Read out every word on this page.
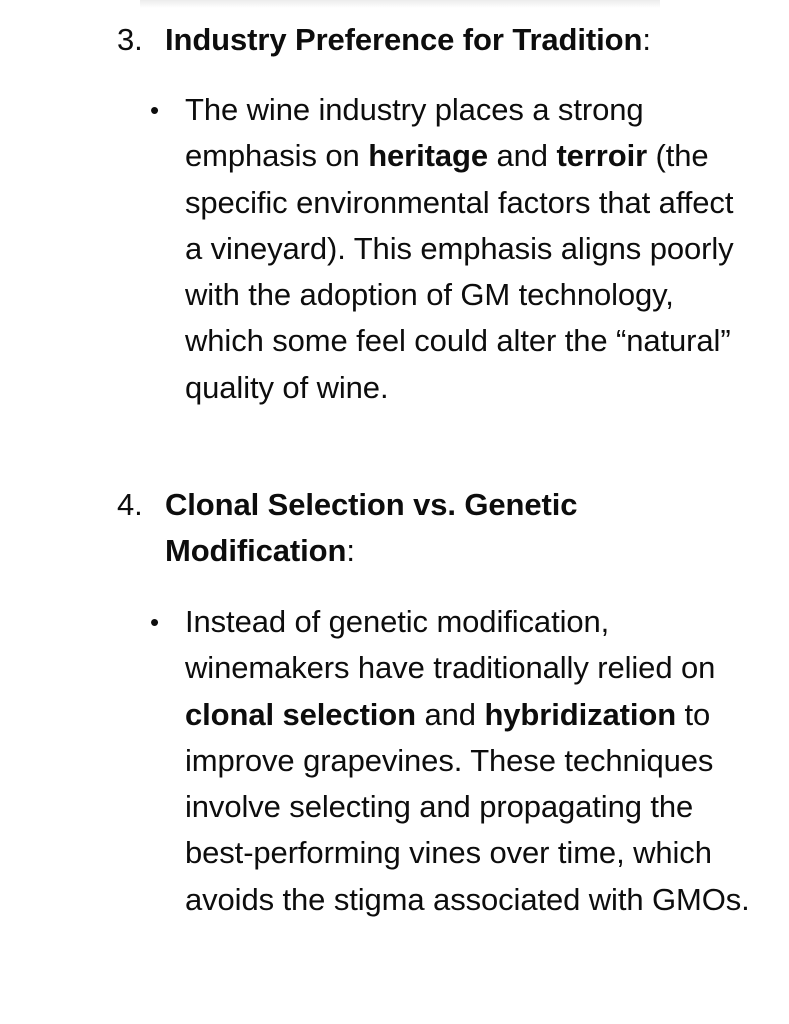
3. Industry Preference for Tradition:
• The wine industry places a strong emphasis on heritage and terroir (the specific environmental factors that affect a vineyard). This emphasis aligns poorly with the adoption of GM technology, which some feel could alter the “natural” quality of wine.
4. Clonal Selection vs. Genetic Modification:
• Instead of genetic modification, winemakers have traditionally relied on clonal selection and hybridization to improve grapevines. These techniques involve selecting and propagating the best-performing vines over time, which avoids the stigma associated with GMOs.
